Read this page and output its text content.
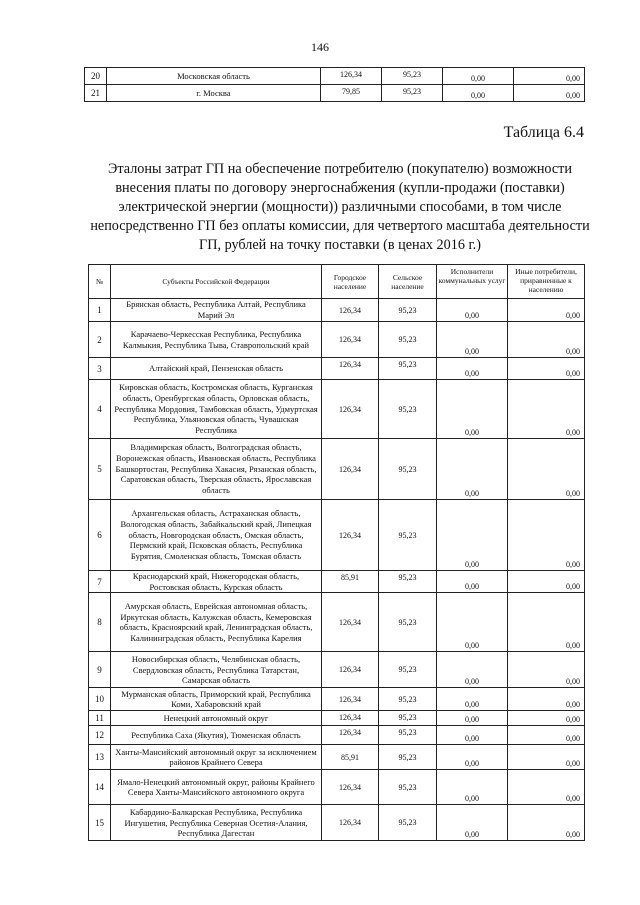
146
20	Московская область	126,34	95,23	0,00	0,00
21	г. Москва	79,85	95,23	0,00	0,00
Таблица 6.4
Эталоны затрат ГП на обеспечение потребителю (покупателю) возможности внесения платы по договору энергоснабжения (купли-продажи (поставки) электрической энергии (мощности)) различными способами, в том числе непосредственно ГП без оплаты комиссии, для четвертого масштаба деятельности ГП, рублей на точку поставки (в ценах 2016 г.)
№	Субъекты Российской Федерации	Городское население	Сельское население	Исполнители коммунальных услуг	Иные потребители, приравненные к населению
1	Брянская область, Республика Алтай, Республика Марий Эл	126,34	95,23	0,00	0,00
2	Карачаево-Черкесская Республика, Республика Калмыкия, Республика Тыва, Ставропольский край	126,34	95,23	0,00	0,00
3	Алтайский край, Пензенская область	126,34	95,23	0,00	0,00
4	Кировская область, Костромская область, Курганская область, Оренбургская область, Орловская область, Республика Мордовия, Тамбовская область, Удмуртская Республика, Ульяновская область, Чувашская Республика	126,34	95,23	0,00	0,00
5	Владимирская область, Волгоградская область, Воронежская область, Ивановская область, Республика Башкортостан, Республика Хакасия, Рязанская область, Саратовская область, Тверская область, Ярославская область	126,34	95,23	0,00	0,00
6	Архангельская область, Астраханская область, Вологодская область, Забайкальский край, Липецкая область, Новгородская область, Омская область, Пермский край, Псковская область, Республика Бурятия, Смоленская область, Томская область	126,34	95,23	0,00	0,00
7	Краснодарский край, Нижегородская область, Ростовская область, Курская область	85,91	95,23	0,00	0,00
8	Амурская область, Еврейская автономная область, Иркутская область, Калужская область, Кемеровская область, Красноярский край, Ленинградская область, Калининградская область, Республика Карелия	126,34	95,23	0,00	0,00
9	Новосибирская область, Челябинская область, Свердловская область, Республика Татарстан, Самарская область	126,34	95,23	0,00	0,00
10	Мурманская область, Приморский край, Республика Коми, Хабаровский край	126,34	95,23	0,00	0,00
11	Ненецкий автономный округ	126,34	95,23	0,00	0,00
12	Республика Саха (Якутия), Тюменская область	126,34	95,23	0,00	0,00
13	Ханты-Мансийский автономный округ за исключением районов Крайнего Севера	85,91	95,23	0,00	0,00
14	Ямало-Ненецкий автономный округ, районы Крайнего Севера Ханты-Мансийского автономного округа	126,34	95,23	0,00	0,00
15	Кабардино-Балкарская Республика, Республика Ингушетия, Республика Северная Осетия-Алания, Республика Дагестан	126,34	95,23	0,00	0,00
